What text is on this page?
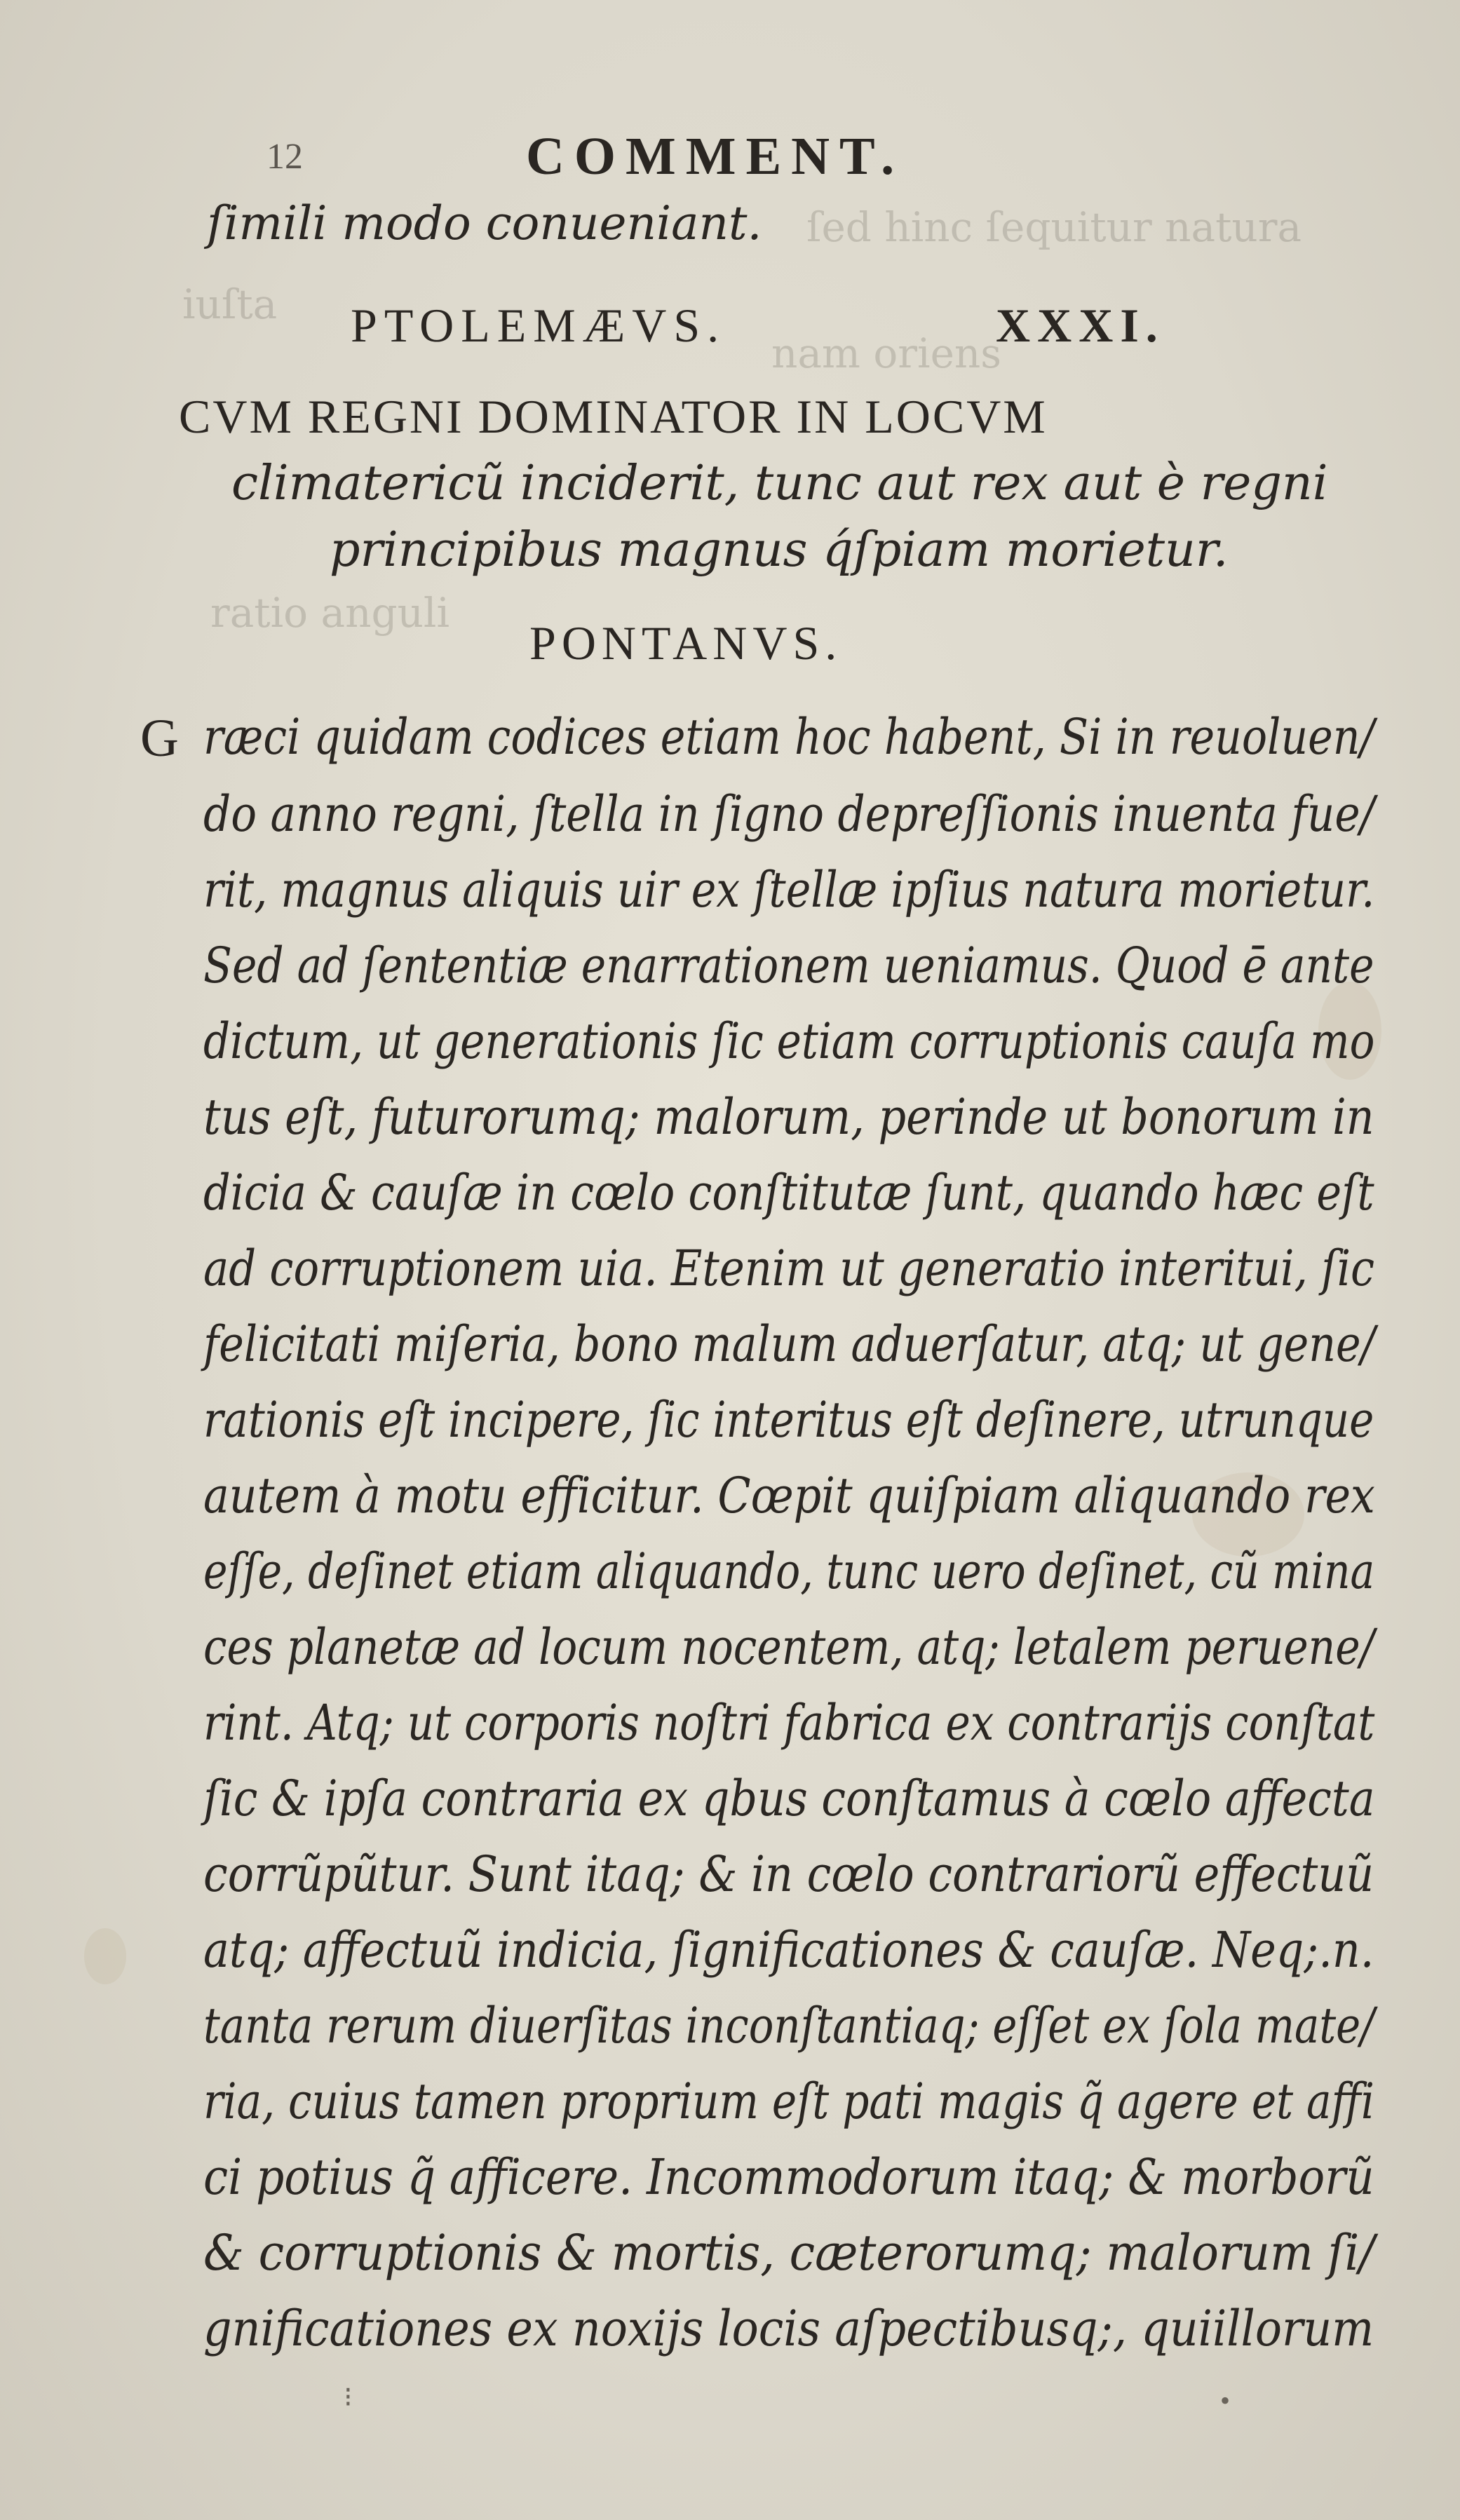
ſed hinc ſequitur natura
iuſta
nam oriens
ratio anguli
12	COMMENT.
ſimili modo conueniant.
PTOLEMÆVS.	XXXI.
CVM REGNI DOMINATOR IN LOCVM
climatericũ inciderit, tunc aut rex aut è regni
principibus magnus q́ſpiam morietur.
PONTANVS.
G ræci quidam codices etiam hoc habent, Si in reuoluen/
do anno regni, ſtella in ſigno depreſſionis inuenta fue/
rit, magnus aliquis uir ex ſtellæ ipſius natura morietur.
Sed ad ſententiæ enarrationem ueniamus. Quod ē ante
dictum, ut generationis ſic etiam corruptionis cauſa mo
tus eſt, futurorumq; malorum, perinde ut bonorum in
dicia & cauſæ in cœlo conſtitutæ ſunt, quando hæc eſt
ad corruptionem uia. Etenim ut generatio interitui, ſic
felicitati miſeria, bono malum aduerſatur, atq; ut gene/
rationis eſt incipere, ſic interitus eſt deſinere, utrunque
autem à motu efficitur. Cœpit quiſpiam aliquando rex
eſſe, deſinet etiam aliquando, tunc uero deſinet, cũ mina
ces planetæ ad locum nocentem, atq; letalem peruene/
rint. Atq; ut corporis noſtri fabrica ex contrarijs conſtat
ſic & ipſa contraria ex qbus conſtamus à cœlo affecta
corrũpũtur. Sunt itaq; & in cœlo contrariorũ effectuũ
atq; affectuũ indicia, ſignificationes & cauſæ. Neq;.n.
tanta rerum diuerſitas inconſtantiaq; eſſet ex ſola mate/
ria, cuius tamen proprium eſt pati magis q̃ agere et affi
ci potius q̃ afficere. Incommodorum itaq; & morborũ
& corruptionis & mortis, cæterorumq; malorum ſi/
gnificationes ex noxijs locis aſpectibusq;, quiillorum
•
⁝
